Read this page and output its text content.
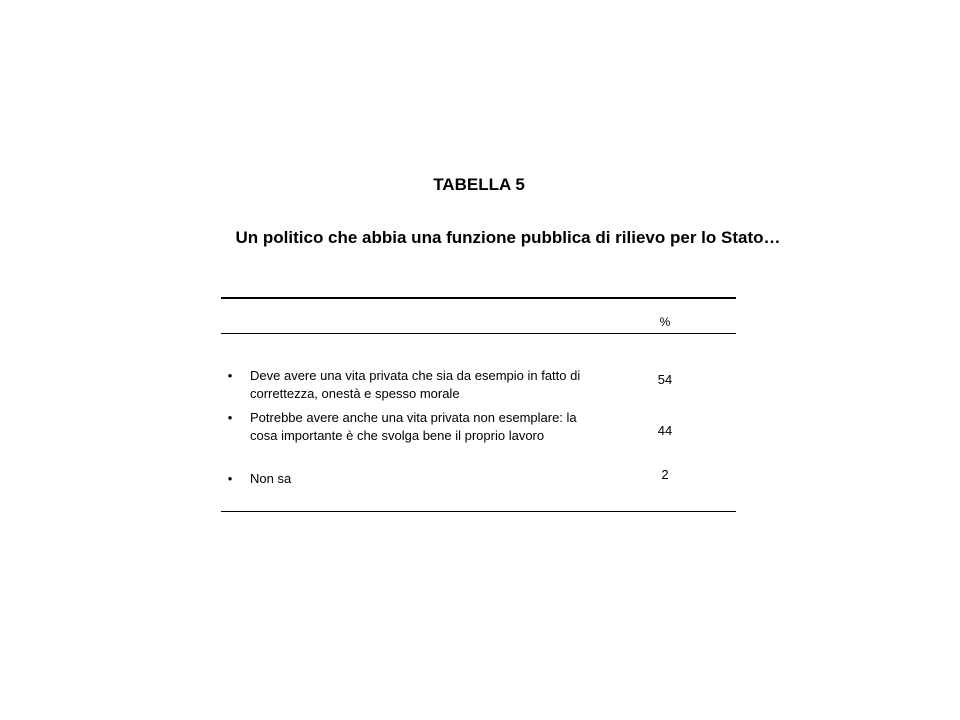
TABELLA 5
Un politico che abbia una funzione pubblica di rilievo per lo Stato…
%
• Deve avere una vita privata che sia da esempio in fatto di correttezza, onestà e spesso morale
54
• Potrebbe avere anche una vita privata non esemplare: la cosa importante è che svolga bene il proprio lavoro	44
• Non sa	2
